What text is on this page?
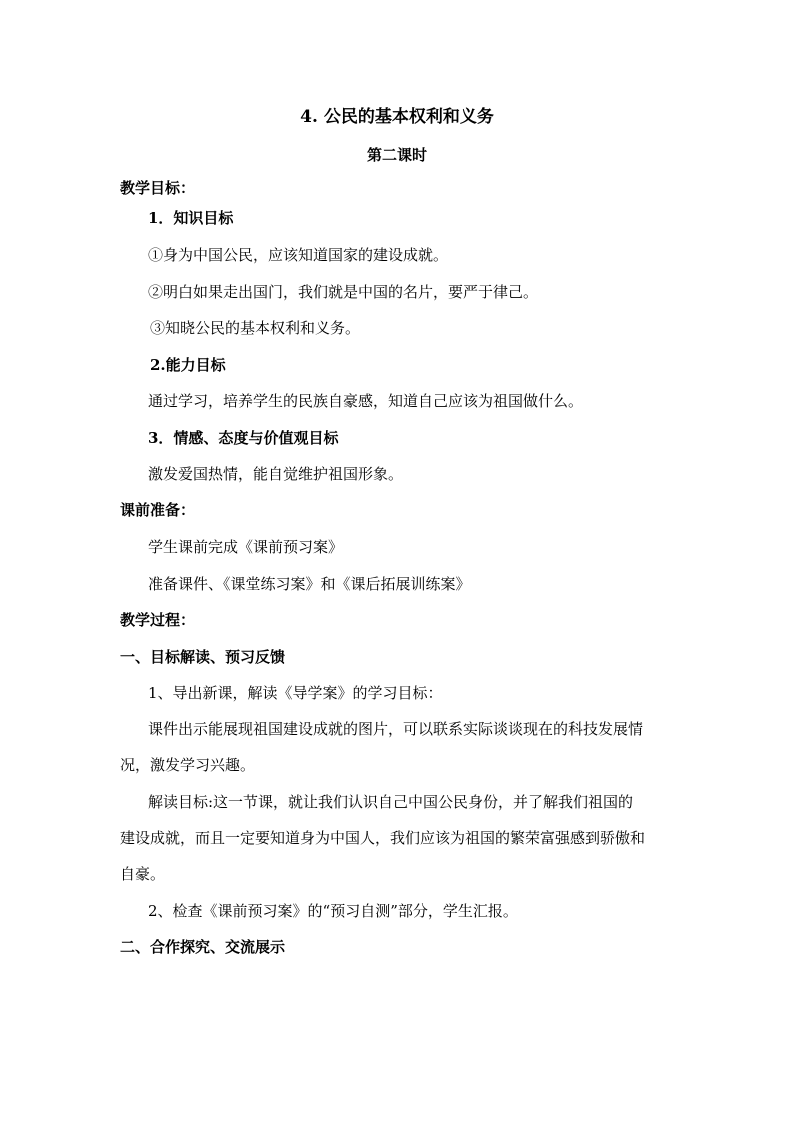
4. 公民的基本权利和义务
第二课时
教学目标：
1．知识目标
①身为中国公民，应该知道国家的建设成就。
②明白如果走出国门，我们就是中国的名片，要严于律己。
③知晓公民的基本权利和义务。
2.能力目标
通过学习，培养学生的民族自豪感，知道自己应该为祖国做什么。
3．情感、态度与价值观目标
激发爱国热情，能自觉维护祖国形象。
课前准备：
学生课前完成《课前预习案》
准备课件、《课堂练习案》和《课后拓展训练案》
教学过程：
一、目标解读、预习反馈
1、导出新课，解读《导学案》的学习目标：
课件出示能展现祖国建设成就的图片，可以联系实际谈谈现在的科技发展情
况，激发学习兴趣。
解读目标:这一节课，就让我们认识自己中国公民身份，并了解我们祖国的
建设成就，而且一定要知道身为中国人，我们应该为祖国的繁荣富强感到骄傲和
自豪。
2、检查《课前预习案》的“预习自测”部分，学生汇报。
二、合作探究、交流展示
